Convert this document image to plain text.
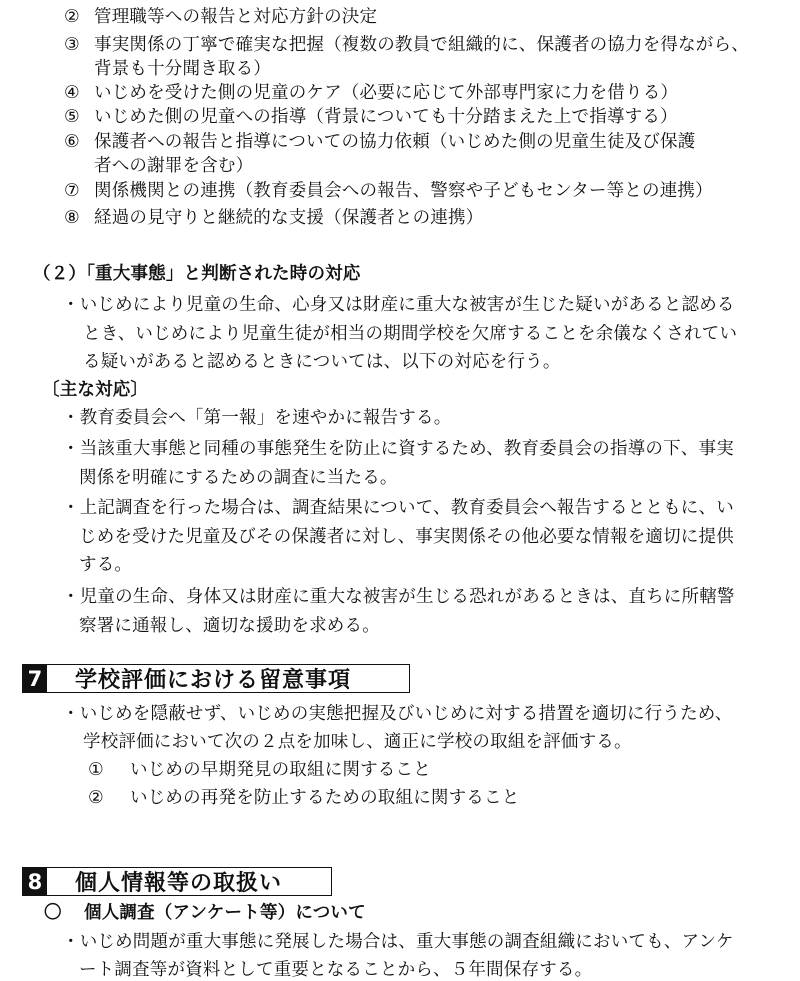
② 管理職等への報告と対応方針の決定
③ 事実関係の丁寧で確実な把握（複数の教員で組織的に、保護者の協力を得ながら、
背景も十分聞き取る）
④ いじめを受けた側の児童のケア（必要に応じて外部専門家に力を借りる）
⑤ いじめた側の児童への指導（背景についても十分踏まえた上で指導する）
⑥ 保護者への報告と指導についての協力依頼（いじめた側の児童生徒及び保護
者への謝罪を含む）
⑦ 関係機関との連携（教育委員会への報告、警察や子どもセンター等との連携）
⑧ 経過の見守りと継続的な支援（保護者との連携）
（２）「重大事態」と判断された時の対応
・いじめにより児童の生命、心身又は財産に重大な被害が生じた疑いがあると認める
とき、いじめにより児童生徒が相当の期間学校を欠席することを余儀なくされてい
る疑いがあると認めるときについては、以下の対応を行う。
〔主な対応〕
・教育委員会へ「第一報」を速やかに報告する。
・当該重大事態と同種の事態発生を防止に資するため、教育委員会の指導の下、事実
関係を明確にするための調査に当たる。
・上記調査を行った場合は、調査結果について、教育委員会へ報告するとともに、い
じめを受けた児童及びその保護者に対し、事実関係その他必要な情報を適切に提供
する。
・児童の生命、身体又は財産に重大な被害が生じる恐れがあるときは、直ちに所轄警
察署に通報し、適切な援助を求める。
7	学校評価における留意事項
・いじめを隠蔽せず、いじめの実態把握及びいじめに対する措置を適切に行うため、
学校評価において次の２点を加味し、適正に学校の取組を評価する。
① いじめの早期発見の取組に関すること
② いじめの再発を防止するための取組に関すること
8	個人情報等の取扱い
〇 個人調査（アンケート等）について
・いじめ問題が重大事態に発展した場合は、重大事態の調査組織においても、アンケ
ート調査等が資料として重要となることから、５年間保存する。
